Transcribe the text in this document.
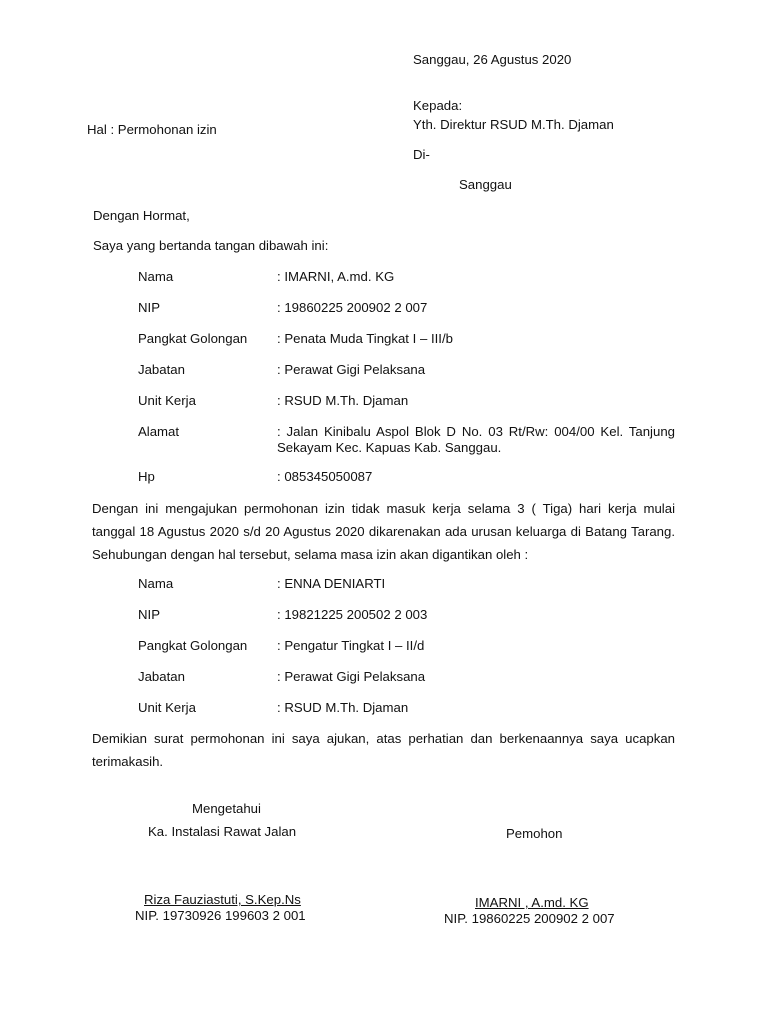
Sanggau, 26 Agustus 2020
Kepada:
Yth. Direktur RSUD M.Th. Djaman
Hal : Permohonan izin
Di-
Sanggau
Dengan Hormat,
Saya yang bertanda tangan dibawah ini:
Nama	: IMARNI, A.md. KG
NIP	: 19860225 200902 2 007
Pangkat Golongan : Penata Muda Tingkat I – III/b
Jabatan	: Perawat Gigi Pelaksana
Unit Kerja	: RSUD M.Th. Djaman
Alamat	: Jalan Kinibalu Aspol Blok D No. 03 Rt/Rw: 004/00 Kel. Tanjung Sekayam Kec. Kapuas Kab. Sanggau.
Hp	: 085345050087
Dengan ini mengajukan permohonan izin tidak masuk kerja selama 3 ( Tiga) hari kerja mulai tanggal 18 Agustus 2020 s/d 20 Agustus 2020 dikarenakan ada urusan keluarga di Batang Tarang. Sehubungan dengan hal tersebut, selama masa izin akan digantikan oleh :
Nama	: ENNA DENIARTI
NIP	: 19821225 200502 2 003
Pangkat Golongan : Pengatur Tingkat I – II/d
Jabatan	: Perawat Gigi Pelaksana
Unit Kerja	: RSUD M.Th. Djaman
Demikian surat permohonan ini saya ajukan, atas perhatian dan berkenaannya saya ucapkan terimakasih.
Mengetahui
Ka. Instalasi Rawat Jalan	Pemohon
Riza Fauziastuti, S.Kep.Ns
NIP. 19730926 199603 2 001
IMARNI , A.md. KG
NIP. 19860225 200902 2 007
